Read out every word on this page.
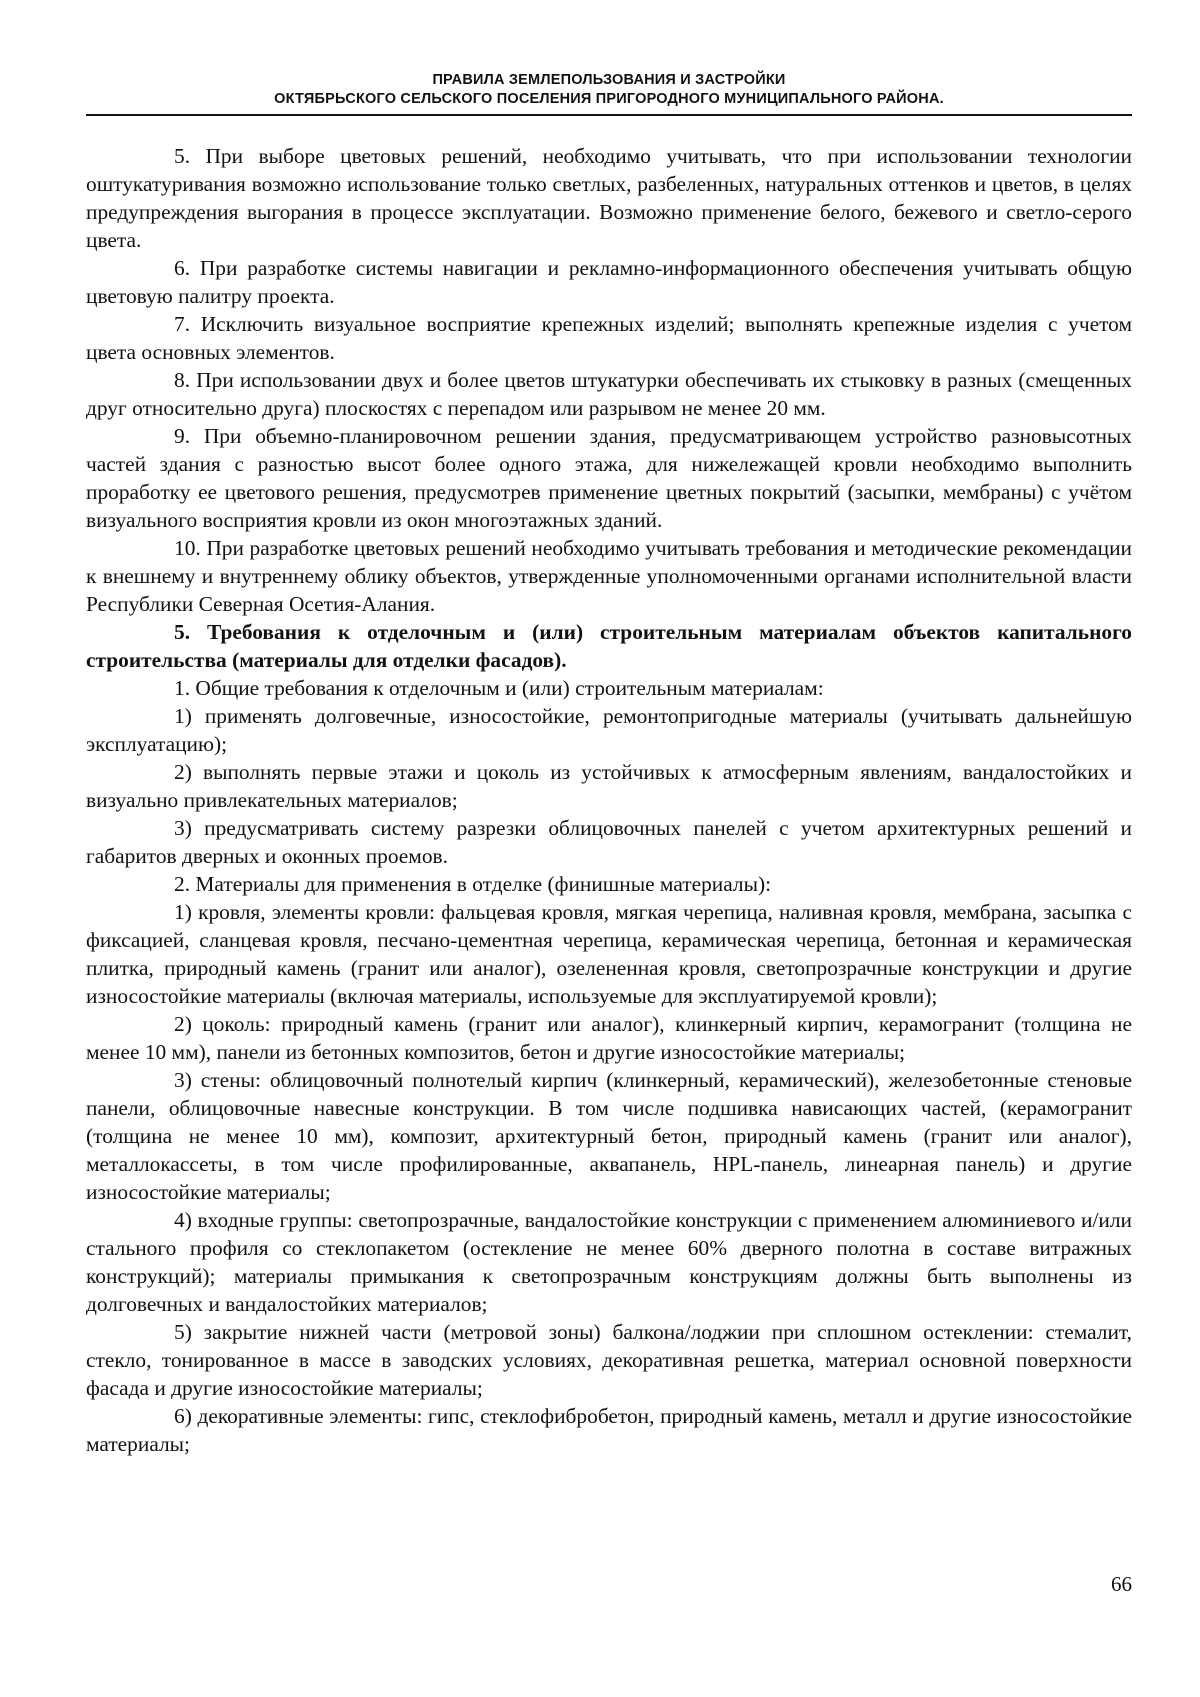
ПРАВИЛА ЗЕМЛЕПОЛЬЗОВАНИЯ И ЗАСТРОЙКИ
ОКТЯБРЬСКОГО СЕЛЬСКОГО ПОСЕЛЕНИЯ ПРИГОРОДНОГО МУНИЦИПАЛЬНОГО РАЙОНА.

5. При выборе цветовых решений, необходимо учитывать, что при использовании технологии оштукатуривания возможно использование только светлых, разбеленных, натуральных оттенков и цветов, в целях предупреждения выгорания в процессе эксплуатации. Возможно применение белого, бежевого и светло-серого цвета.

6. При разработке системы навигации и рекламно-информационного обеспечения учитывать общую цветовую палитру проекта.

7. Исключить визуальное восприятие крепежных изделий; выполнять крепежные изделия с учетом цвета основных элементов.

8. При использовании двух и более цветов штукатурки обеспечивать их стыковку в разных (смещенных друг относительно друга) плоскостях с перепадом или разрывом не менее 20 мм.

9. При объемно-планировочном решении здания, предусматривающем устройство разновысотных частей здания с разностью высот более одного этажа, для нижележащей кровли необходимо выполнить проработку ее цветового решения, предусмотрев применение цветных покрытий (засыпки, мембраны) с учётом визуального восприятия кровли из окон многоэтажных зданий.

10. При разработке цветовых решений необходимо учитывать требования и методические рекомендации к внешнему и внутреннему облику объектов, утвержденные уполномоченными органами исполнительной власти Республики Северная Осетия-Алания.

5. Требования к отделочным и (или) строительным материалам объектов капитального строительства (материалы для отделки фасадов).

1. Общие требования к отделочным и (или) строительным материалам:

1) применять долговечные, износостойкие, ремонтопригодные материалы (учитывать дальнейшую эксплуатацию);

2) выполнять первые этажи и цоколь из устойчивых к атмосферным явлениям, вандалостойких и визуально привлекательных материалов;

3) предусматривать систему разрезки облицовочных панелей с учетом архитектурных решений и габаритов дверных и оконных проемов.

2. Материалы для применения в отделке (финишные материалы):

1) кровля, элементы кровли: фальцевая кровля, мягкая черепица, наливная кровля, мембрана, засыпка с фиксацией, сланцевая кровля, песчано-цементная черепица, керамическая черепица, бетонная и керамическая плитка, природный камень (гранит или аналог), озелененная кровля, светопрозрачные конструкции и другие износостойкие материалы (включая материалы, используемые для эксплуатируемой кровли);

2) цоколь: природный камень (гранит или аналог), клинкерный кирпич, керамогранит (толщина не менее 10 мм), панели из бетонных композитов, бетон и другие износостойкие материалы;

3) стены: облицовочный полнотелый кирпич (клинкерный, керамический), железобетонные стеновые панели, облицовочные навесные конструкции. В том числе подшивка нависающих частей, (керамогранит (толщина не менее 10 мм), композит, архитектурный бетон, природный камень (гранит или аналог), металлокассеты, в том числе профилированные, аквапанель, HPL-панель, линеарная панель) и другие износостойкие материалы;

4) входные группы: светопрозрачные, вандалостойкие конструкции с применением алюминиевого и/или стального профиля со стеклопакетом (остекление не менее 60% дверного полотна в составе витражных конструкций); материалы примыкания к светопрозрачным конструкциям должны быть выполнены из долговечных и вандалостойких материалов;

5) закрытие нижней части (метровой зоны) балкона/лоджии при сплошном остеклении: стемалит, стекло, тонированное в массе в заводских условиях, декоративная решетка, материал основной поверхности фасада и другие износостойкие материалы;

6) декоративные элементы: гипс, стеклофибробетон, природный камень, металл и другие износостойкие материалы;

66
